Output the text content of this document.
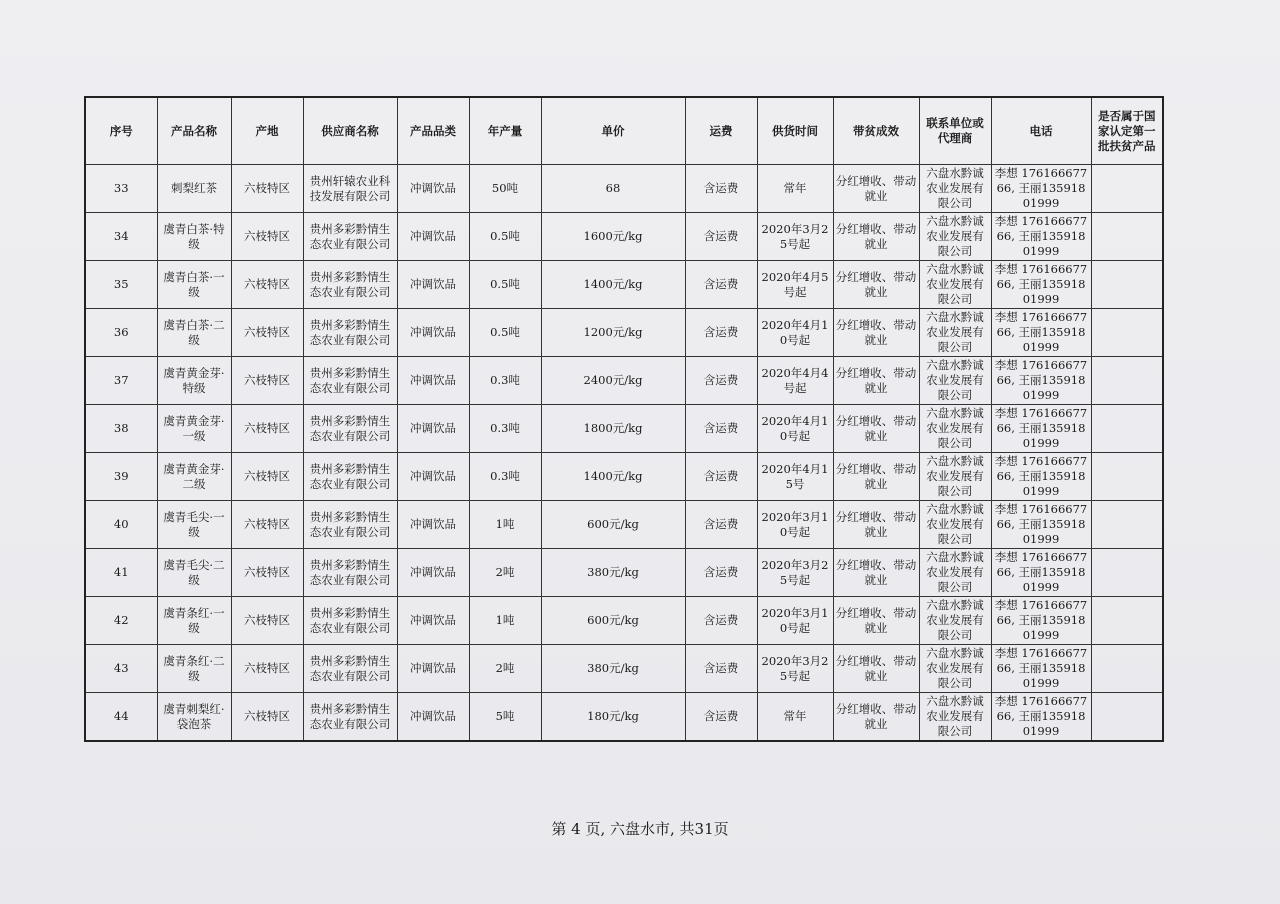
序号	产品名称	产地	供应商名称	产品品类	年产量	单价	运费	供货时间	带贫成效	联系单位或代理商	电话	是否属于国家认定第一批扶贫产品
33	刺梨红茶	六枝特区	贵州轩辕农业科技发展有限公司	冲调饮品	50吨	68	含运费	常年	分红增收、带动就业	六盘水黔诚农业发展有限公司	李想 17616667766, 王丽13591801999	
34	虞青白茶·特级	六枝特区	贵州多彩黔情生态农业有限公司	冲调饮品	0.5吨	1600元/kg	含运费	2020年3月25号起	分红增收、带动就业	六盘水黔诚农业发展有限公司	李想 17616667766, 王丽13591801999	
35	虞青白茶·一级	六枝特区	贵州多彩黔情生态农业有限公司	冲调饮品	0.5吨	1400元/kg	含运费	2020年4月5号起	分红增收、带动就业	六盘水黔诚农业发展有限公司	李想 17616667766, 王丽13591801999	
36	虞青白茶·二级	六枝特区	贵州多彩黔情生态农业有限公司	冲调饮品	0.5吨	1200元/kg	含运费	2020年4月10号起	分红增收、带动就业	六盘水黔诚农业发展有限公司	李想 17616667766, 王丽13591801999	
37	虞青黄金芽·特级	六枝特区	贵州多彩黔情生态农业有限公司	冲调饮品	0.3吨	2400元/kg	含运费	2020年4月4号起	分红增收、带动就业	六盘水黔诚农业发展有限公司	李想 17616667766, 王丽13591801999	
38	虞青黄金芽·一级	六枝特区	贵州多彩黔情生态农业有限公司	冲调饮品	0.3吨	1800元/kg	含运费	2020年4月10号起	分红增收、带动就业	六盘水黔诚农业发展有限公司	李想 17616667766, 王丽13591801999	
39	虞青黄金芽·二级	六枝特区	贵州多彩黔情生态农业有限公司	冲调饮品	0.3吨	1400元/kg	含运费	2020年4月15号	分红增收、带动就业	六盘水黔诚农业发展有限公司	李想 17616667766, 王丽13591801999	
40	虞青毛尖·一级	六枝特区	贵州多彩黔情生态农业有限公司	冲调饮品	1吨	600元/kg	含运费	2020年3月10号起	分红增收、带动就业	六盘水黔诚农业发展有限公司	李想 17616667766, 王丽13591801999	
41	虞青毛尖·二级	六枝特区	贵州多彩黔情生态农业有限公司	冲调饮品	2吨	380元/kg	含运费	2020年3月25号起	分红增收、带动就业	六盘水黔诚农业发展有限公司	李想 17616667766, 王丽13591801999	
42	虞青条红·一级	六枝特区	贵州多彩黔情生态农业有限公司	冲调饮品	1吨	600元/kg	含运费	2020年3月10号起	分红增收、带动就业	六盘水黔诚农业发展有限公司	李想 17616667766, 王丽13591801999	
43	虞青条红·二级	六枝特区	贵州多彩黔情生态农业有限公司	冲调饮品	2吨	380元/kg	含运费	2020年3月25号起	分红增收、带动就业	六盘水黔诚农业发展有限公司	李想 17616667766, 王丽13591801999	
44	虞青刺梨红·袋泡茶	六枝特区	贵州多彩黔情生态农业有限公司	冲调饮品	5吨	180元/kg	含运费	常年	分红增收、带动就业	六盘水黔诚农业发展有限公司	李想 17616667766, 王丽13591801999	
第 4 页, 六盘水市, 共31页
